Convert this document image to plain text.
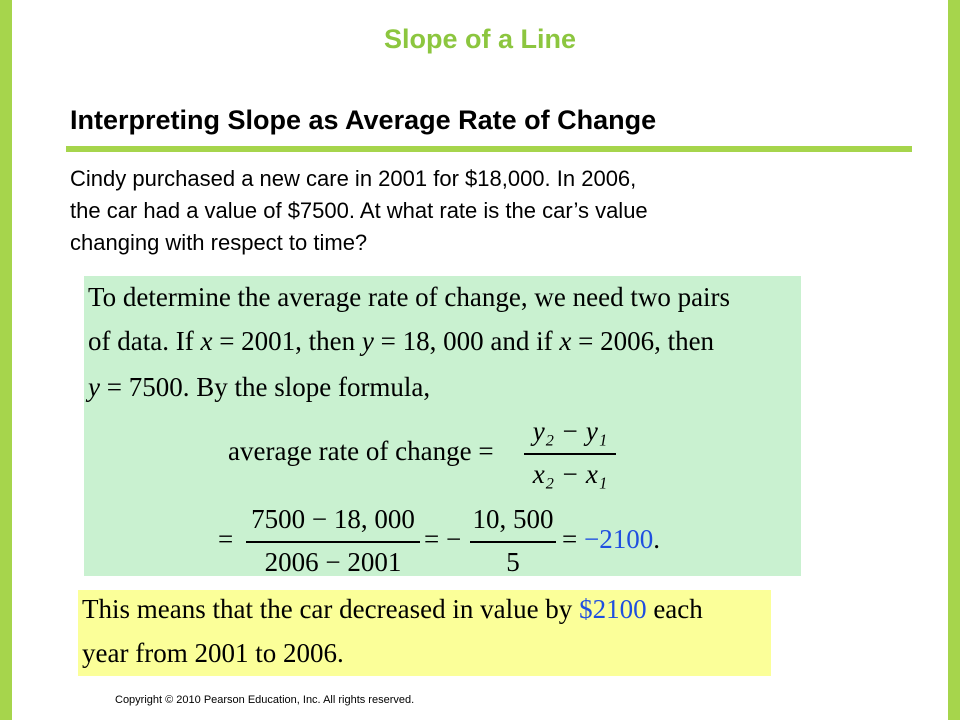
Slope of a Line
Interpreting Slope as Average Rate of Change

Cindy purchased a new care in 2001 for $18,000. In 2006,

the car had a value of $7500. At what rate is the car’s value

changing with respect to time?

To determine the average rate of change, we need two pairs
of data. If x = 2001, then y = 18, 000 and if x = 2006, then
y = 7500. By the slope formula,
average rate of change =
y₂ − y₁
x₂ − x₁
=
7500 − 18, 000
2006 − 2001
= −
10, 500
5
= −2100.
This means that the car decreased in value by $2100 each
year from 2001 to 2006.
Copyright © 2010 Pearson Education, Inc. All rights reserved.
